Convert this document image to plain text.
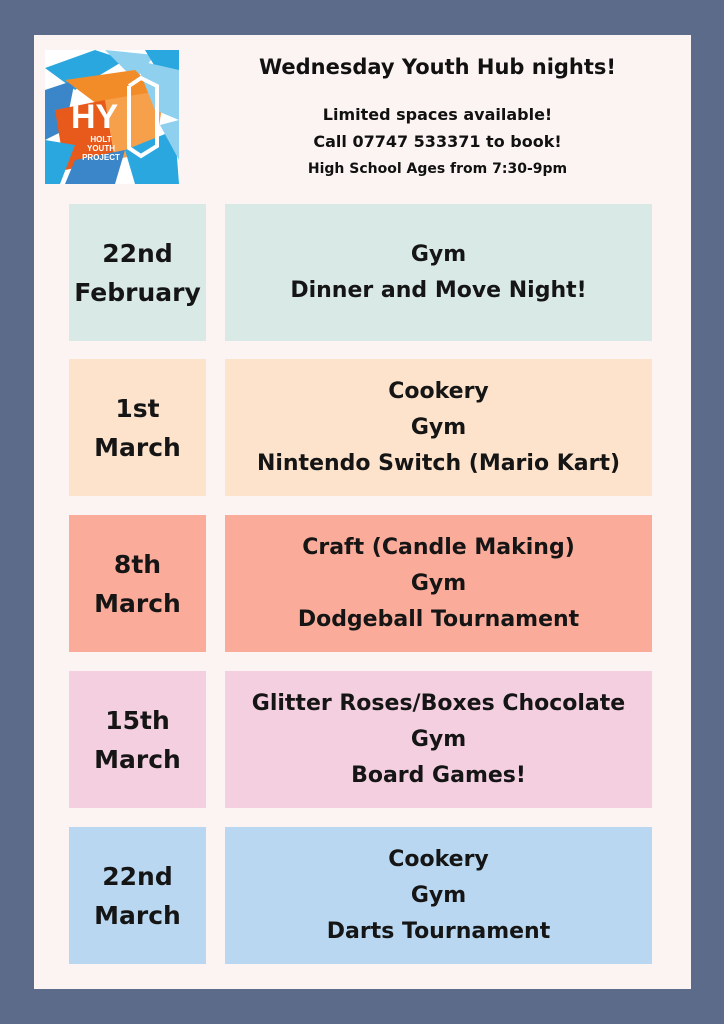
HY
HOLT
YOUTH
PROJECT
Wednesday Youth Hub nights!
Limited spaces available!
Call 07747 533371 to book!
High School Ages from 7:30-9pm
22nd
February
Gym
Dinner and Move Night!
1st
March
Cookery
Gym
Nintendo Switch (Mario Kart)
8th
March
Craft (Candle Making)
Gym
Dodgeball Tournament
15th
March
Glitter Roses/Boxes Chocolate
Gym
Board Games!
22nd
March
Cookery
Gym
Darts Tournament
